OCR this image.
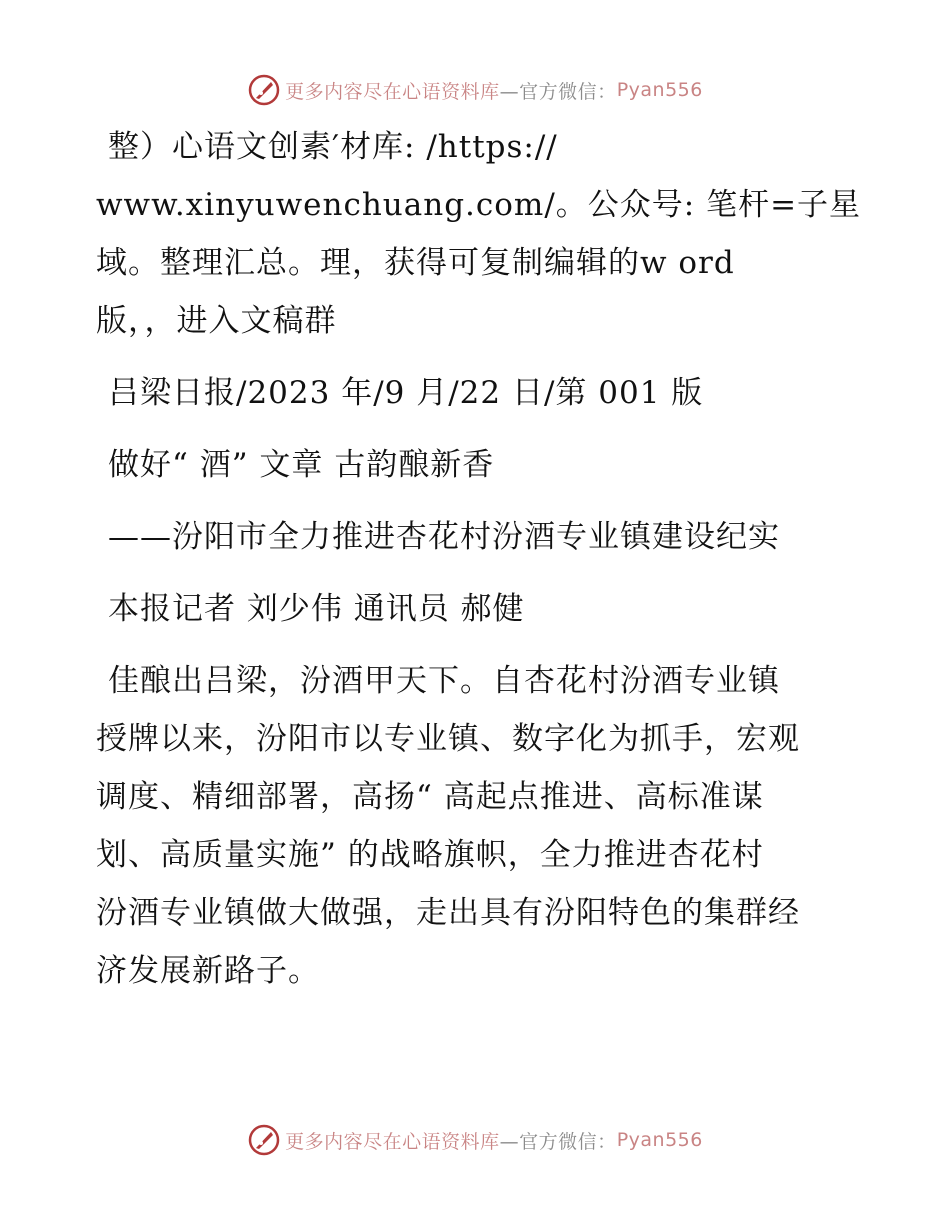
更多内容尽在心语资料库 —官方微信： Pyan556
整）心语文创素′材库: /https://
www.xinyuwenchuang.com/。公众号: 笔杆=子星
域。整理汇总。理，获得可复制编辑的w ord
版，，进入文稿群
吕梁日报/2023 年/9 月/22 日/第 001 版
做好“ 酒” 文章 古韵酿新香
——汾阳市全力推进杏花村汾酒专业镇建设纪实
本报记者 刘少伟 通讯员 郝健
佳酿出吕梁，汾酒甲天下。自杏花村汾酒专业镇
授牌以来，汾阳市以专业镇、数字化为抓手，宏观
调度、精细部署，高扬“ 高起点推进、高标准谋
划、高质量实施” 的战略旗帜，全力推进杏花村
汾酒专业镇做大做强，走出具有汾阳特色的集群经
济发展新路子。
更多内容尽在心语资料库 —官方微信： Pyan556
